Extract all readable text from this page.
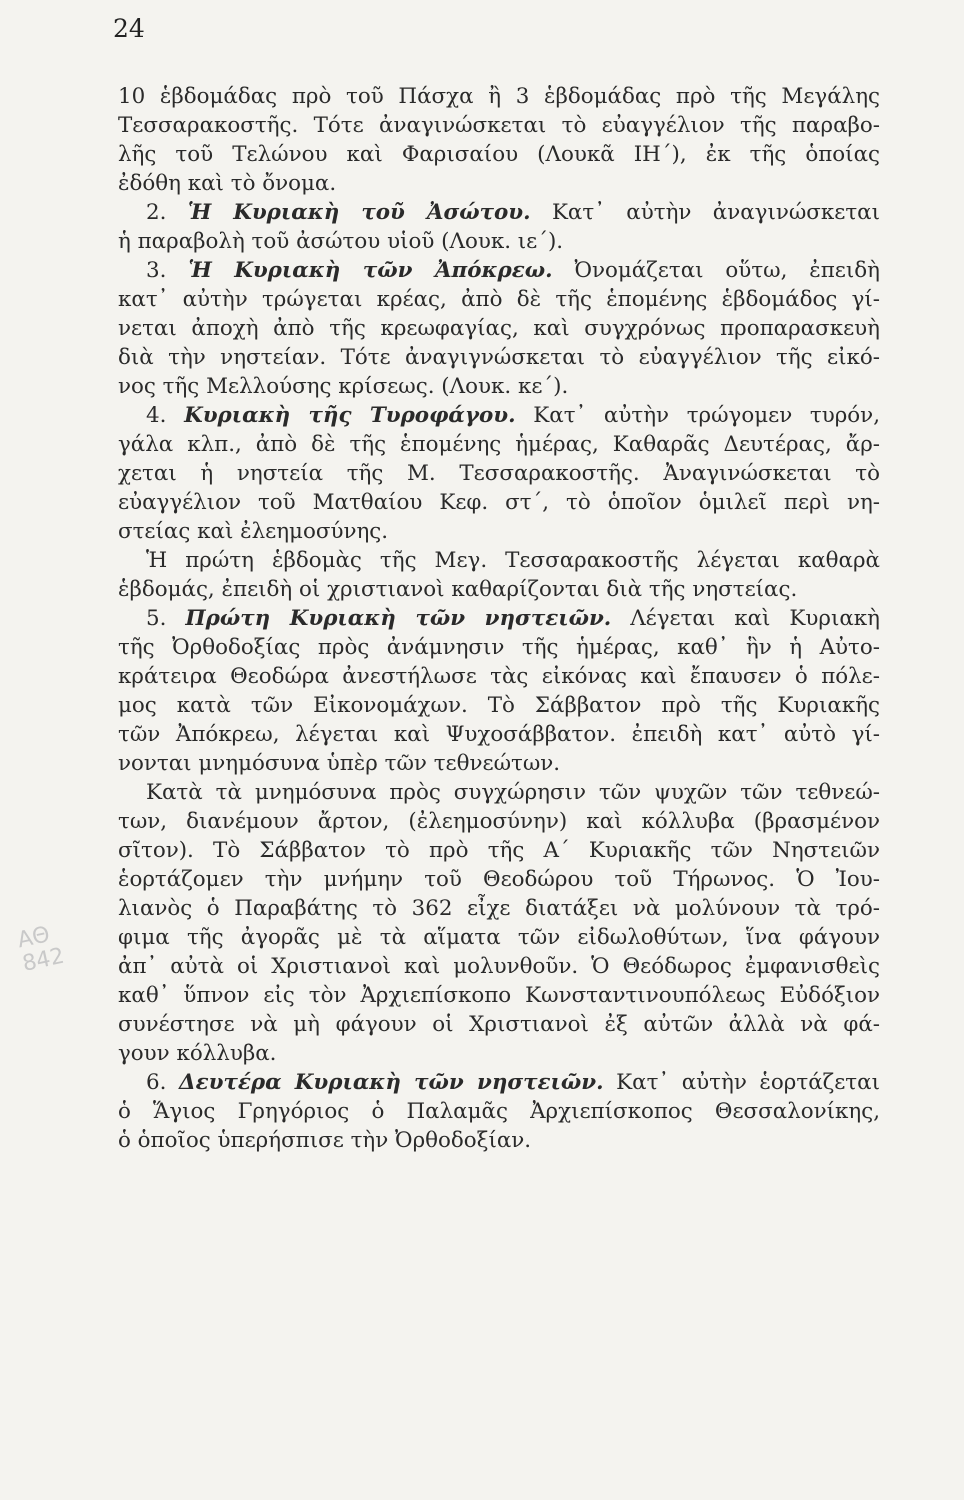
24
ΑΘ
842
10 ἑβδομάδας πρὸ τοῦ Πάσχα ἢ 3 ἑβδομάδας πρὸ τῆς Μεγάλης
Τεσσαρακοστῆς. Τότε ἀναγινώσκεται τὸ εὐαγγέλιον τῆς παραβο-
λῆς τοῦ Τελώνου καὶ Φαρισαίου (Λουκᾶ ΙΗ΄), ἐκ τῆς ὁποίας
ἐδόθη καὶ τὸ ὄνομα.
2. Ἡ Κυριακὴ τοῦ Ἀσώτου. Κατ᾽ αὐτὴν ἀναγινώσκεται
ἡ παραβολὴ τοῦ ἀσώτου υἱοῦ (Λουκ. ιε΄).
3. Ἡ Κυριακὴ τῶν Ἀπόκρεω. Ὀνομάζεται οὕτω, ἐπειδὴ
κατ᾽ αὐτὴν τρώγεται κρέας, ἀπὸ δὲ τῆς ἑπομένης ἑβδομάδος γί-
νεται ἀποχὴ ἀπὸ τῆς κρεωφαγίας, καὶ συγχρόνως προπαρασκευὴ
διὰ τὴν νηστείαν. Τότε ἀναγιγνώσκεται τὸ εὐαγγέλιον τῆς εἰκό-
νος τῆς Μελλούσης κρίσεως. (Λουκ. κε΄).
4. Κυριακὴ τῆς Τυροφάγου. Κατ᾽ αὐτὴν τρώγομεν τυρόν,
γάλα κλπ., ἀπὸ δὲ τῆς ἑπομένης ἡμέρας, Καθαρᾶς Δευτέρας, ἄρ-
χεται ἡ νηστεία τῆς Μ. Τεσσαρακοστῆς. Ἀναγινώσκεται τὸ
εὐαγγέλιον τοῦ Ματθαίου Κεφ. στ΄, τὸ ὁποῖον ὁμιλεῖ περὶ νη-
στείας καὶ ἐλεημοσύνης.
Ἡ πρώτη ἑβδομὰς τῆς Μεγ. Τεσσαρακοστῆς λέγεται καθαρὰ
ἑβδομάς, ἐπειδὴ οἱ χριστιανοὶ καθαρίζονται διὰ τῆς νηστείας.
5. Πρώτη Κυριακὴ τῶν νηστειῶν. Λέγεται καὶ Κυριακὴ
τῆς Ὀρθοδοξίας πρὸς ἀνάμνησιν τῆς ἡμέρας, καθ᾽ ἣν ἡ Αὐτο-
κράτειρα Θεοδώρα ἀνεστήλωσε τὰς εἰκόνας καὶ ἔπαυσεν ὁ πόλε-
μος κατὰ τῶν Εἰκονομάχων. Τὸ Σάββατον πρὸ τῆς Κυριακῆς
τῶν Ἀπόκρεω, λέγεται καὶ Ψυχοσάββατον. ἐπειδὴ κατ᾽ αὐτὸ γί-
νονται μνημόσυνα ὑπὲρ τῶν τεθνεώτων.
Κατὰ τὰ μνημόσυνα πρὸς συγχώρησιν τῶν ψυχῶν τῶν τεθνεώ-
των, διανέμουν ἄρτον, (ἐλεημοσύνην) καὶ κόλλυβα (βρασμένον
σῖτον). Τὸ Σάββατον τὸ πρὸ τῆς Α΄ Κυριακῆς τῶν Νηστειῶν
ἑορτάζομεν τὴν μνήμην τοῦ Θεοδώρου τοῦ Τήρωνος. Ὁ Ἰου-
λιανὸς ὁ Παραβάτης τὸ 362 εἶχε διατάξει νὰ μολύνουν τὰ τρό-
φιμα τῆς ἀγορᾶς μὲ τὰ αἵματα τῶν εἰδωλοθύτων, ἵνα φάγουν
ἀπ᾽ αὐτὰ οἱ Χριστιανοὶ καὶ μολυνθοῦν. Ὁ Θεόδωρος ἐμφανισθεὶς
καθ᾽ ὕπνον εἰς τὸν Ἀρχιεπίσκοπο Κωνσταντινουπόλεως Εὐδόξιον
συνέστησε νὰ μὴ φάγουν οἱ Χριστιανοὶ ἐξ αὐτῶν ἀλλὰ νὰ φά-
γουν κόλλυβα.
6. Δευτέρα Κυριακὴ τῶν νηστειῶν. Κατ᾽ αὐτὴν ἑορτάζεται
ὁ Ἅγιος Γρηγόριος ὁ Παλαμᾶς Ἀρχιεπίσκοπος Θεσσαλονίκης,
ὁ ὁποῖος ὑπερήσπισε τὴν Ὀρθοδοξίαν.
